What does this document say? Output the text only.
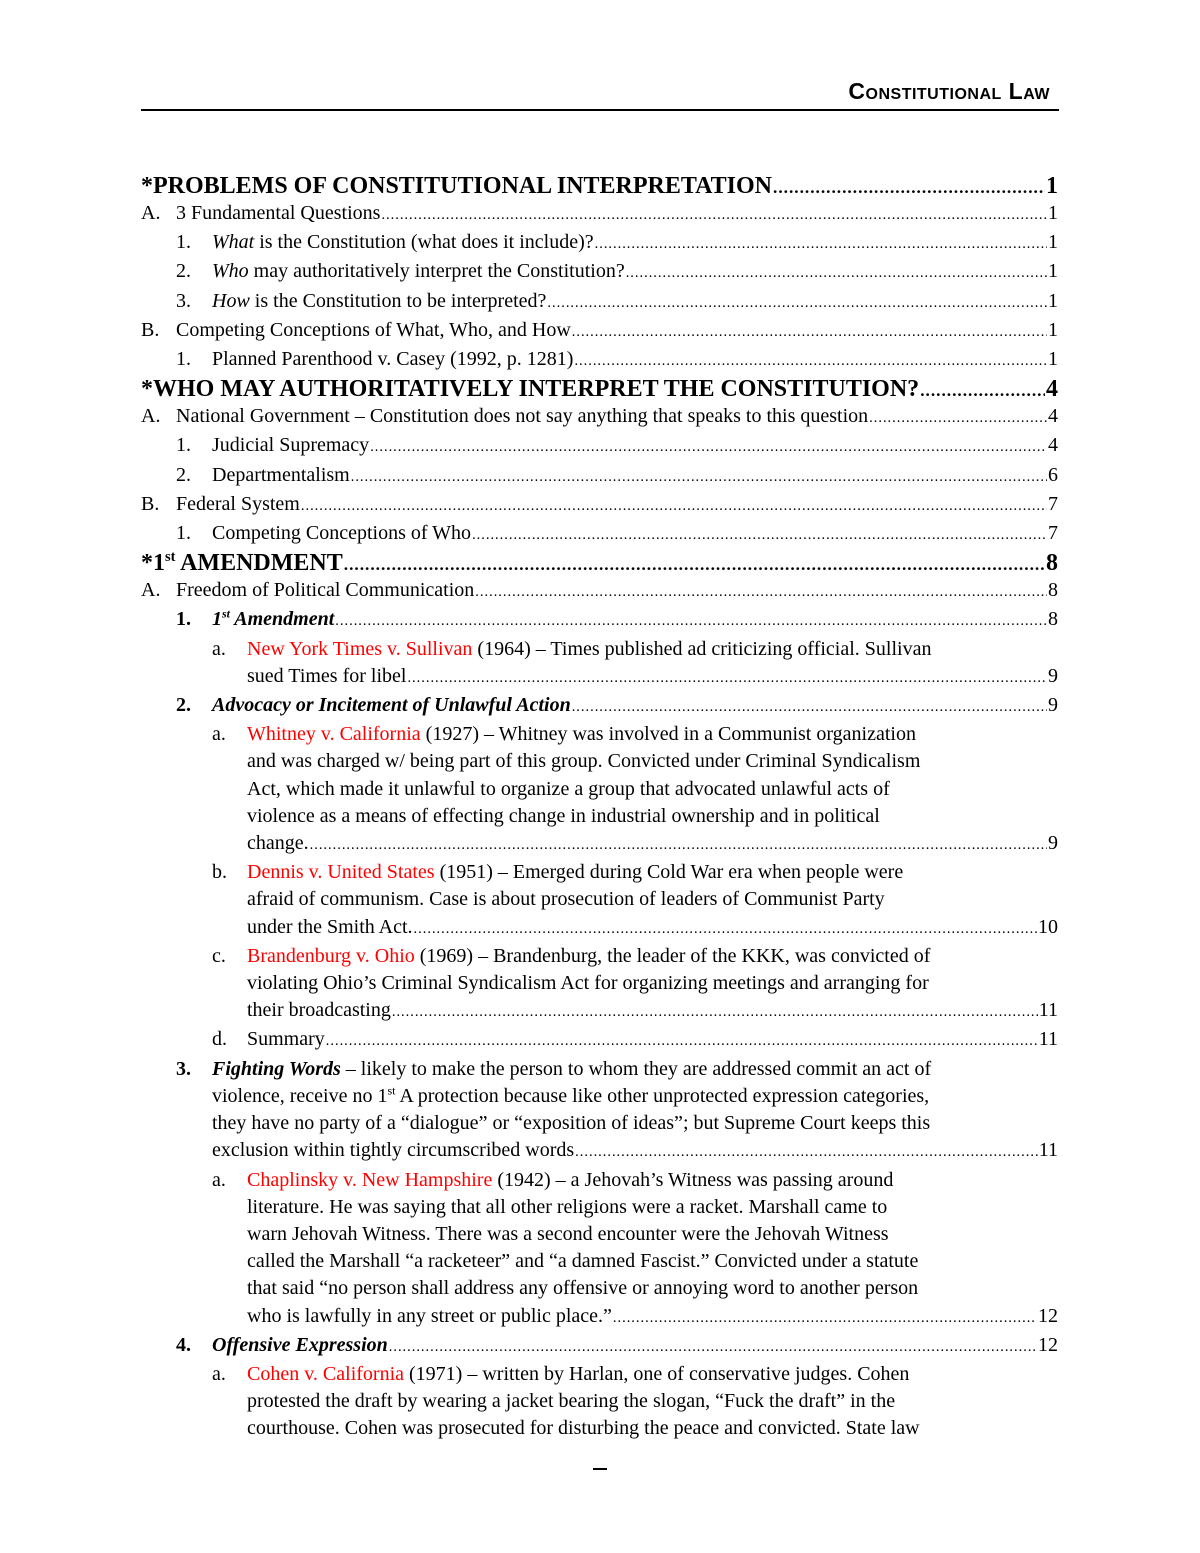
Constitutional Law
*PROBLEMS OF CONSTITUTIONAL INTERPRETATION .....	1
A. 3 Fundamental Questions .....	1
1.	What is the Constitution (what does it include)? .....	1
2.	Who may authoritatively interpret the Constitution? .....	1
3.	How is the Constitution to be interpreted? .....	1
B. Competing Conceptions of What, Who, and How .....	1
1.	Planned Parenthood v. Casey (1992, p. 1281) .....	1
*WHO MAY AUTHORITATIVELY INTERPRET THE CONSTITUTION? .....	4
A. National Government – Constitution does not say anything that speaks to this question .....	4
1.	Judicial Supremacy .....	4
2.	Departmentalism .....	6
B. Federal System .....	7
1.	Competing Conceptions of Who .....	7
*1st AMENDMENT .....	8
A. Freedom of Political Communication .....	8
1.	1st Amendment .....	8
a.	New York Times v. Sullivan (1964) – Times published ad criticizing official. Sullivan
sued Times for libel .....	9
2.	Advocacy or Incitement of Unlawful Action .....	9
a.	Whitney v. California (1927) – Whitney was involved in a Communist organization
and was charged w/ being part of this group. Convicted under Criminal Syndicalism
Act, which made it unlawful to organize a group that advocated unlawful acts of
violence as a means of effecting change in industrial ownership and in political
change. .....	9
b.	Dennis v. United States (1951) – Emerged during Cold War era when people were
afraid of communism. Case is about prosecution of leaders of Communist Party
under the Smith Act. .....	10
c.	Brandenburg v. Ohio (1969) – Brandenburg, the leader of the KKK, was convicted of
violating Ohio’s Criminal Syndicalism Act for organizing meetings and arranging for
their broadcasting .....	11
d.	Summary .....	11
3.	Fighting Words – likely to make the person to whom they are addressed commit an act of
violence, receive no 1st A protection because like other unprotected expression categories,
they have no party of a “dialogue” or “exposition of ideas”; but Supreme Court keeps this
exclusion within tightly circumscribed words .....	11
a.	Chaplinsky v. New Hampshire (1942) – a Jehovah’s Witness was passing around
literature. He was saying that all other religions were a racket. Marshall came to
warn Jehovah Witness. There was a second encounter were the Jehovah Witness
called the Marshall “a racketeer” and “a damned Fascist.” Convicted under a statute
that said “no person shall address any offensive or annoying word to another person
who is lawfully in any street or public place.” .....	12
4.	Offensive Expression .....	12
a.	Cohen v. California (1971) – written by Harlan, one of conservative judges. Cohen
protested the draft by wearing a jacket bearing the slogan, “Fuck the draft” in the
courthouse. Cohen was prosecuted for disturbing the peace and convicted. State law
